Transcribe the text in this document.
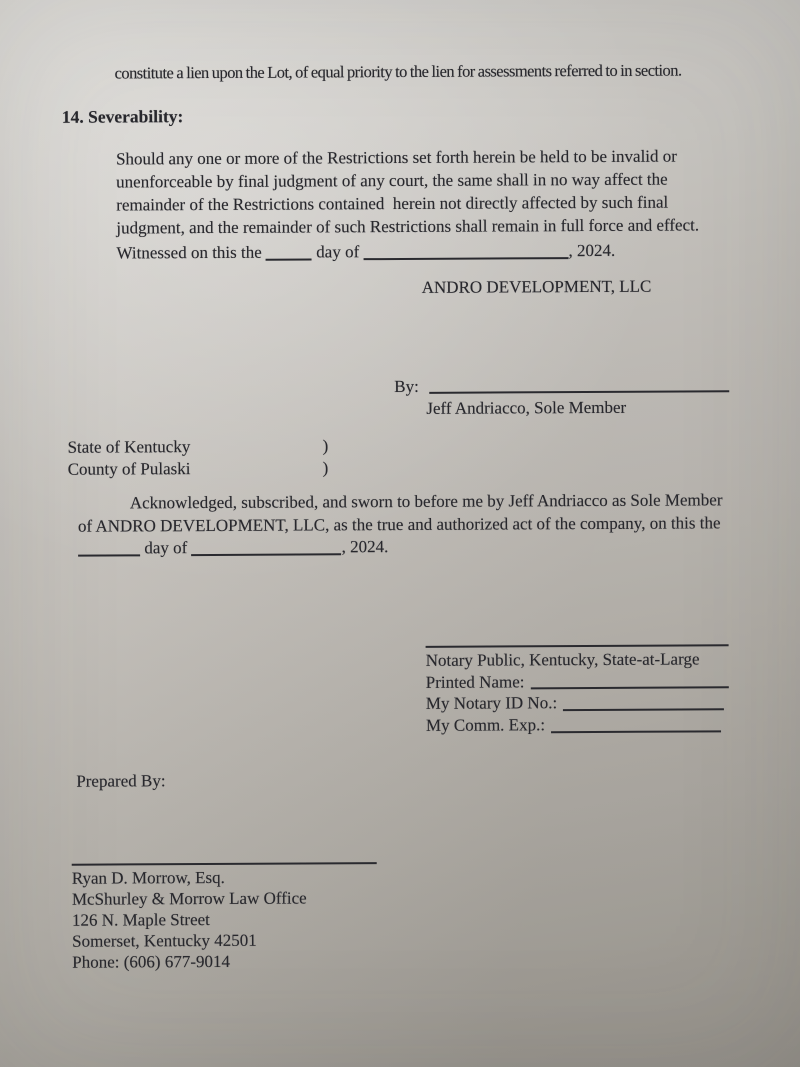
constitute a lien upon the Lot, of equal priority to the lien for assessments referred to in section.
14. Severability:
Should any one or more of the Restrictions set forth herein be held to be invalid or
unenforceable by final judgment of any court, the same shall in no way affect the
remainder of the Restrictions contained  herein not directly affected by such final
judgment, and the remainder of such Restrictions shall remain in full force and effect.
Witnessed on this the	day of	, 2024.
ANDRO DEVELOPMENT, LLC
By:
Jeff Andriacco, Sole Member
State of Kentucky	)
County of Pulaski	)
Acknowledged, subscribed, and sworn to before me by Jeff Andriacco as Sole Member
of ANDRO DEVELOPMENT, LLC, as the true and authorized act of the company, on this the
day of	, 2024.
Notary Public, Kentucky, State-at-Large
Printed Name:
My Notary ID No.:
My Comm. Exp.:
Prepared By:
Ryan D. Morrow, Esq.
McShurley & Morrow Law Office
126 N. Maple Street
Somerset, Kentucky 42501
Phone: (606) 677-9014
